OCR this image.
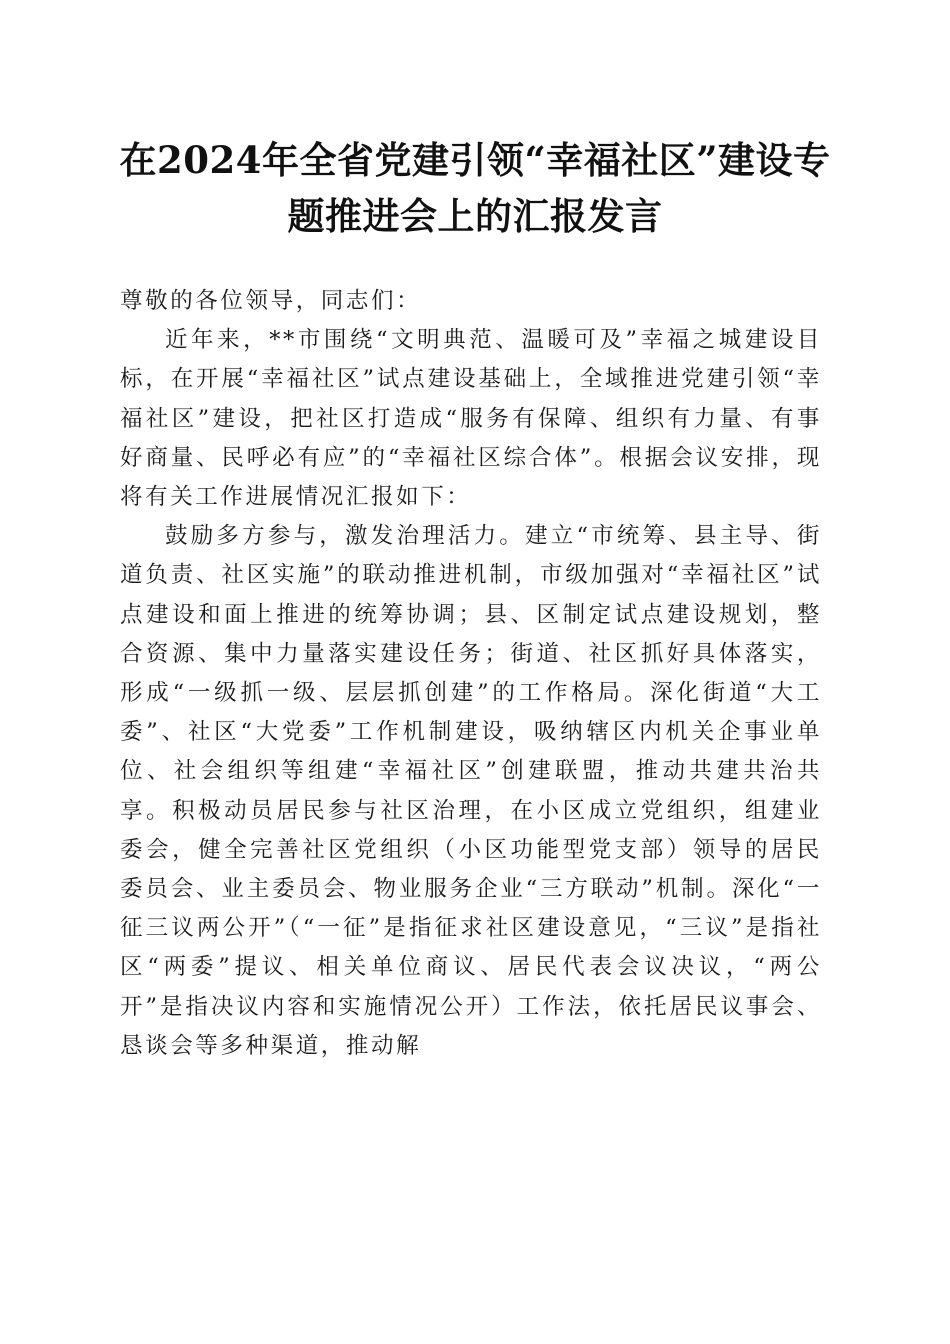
在2024年全省党建引领“幸福社区”建设专题推进会上的汇报发言

尊敬的各位领导，同志们：

近年来，**市围绕“文明典范、温暖可及”幸福之城建设目标，在开展“幸福社区”试点建设基础上，全域推进党建引领“幸福社区”建设，把社区打造成“服务有保障、组织有力量、有事好商量、民呼必有应”的“幸福社区综合体”。根据会议安排，现将有关工作进展情况汇报如下：

鼓励多方参与，激发治理活力。建立“市统筹、县主导、街道负责、社区实施”的联动推进机制，市级加强对“幸福社区”试点建设和面上推进的统筹协调；县、区制定试点建设规划，整合资源、集中力量落实建设任务；街道、社区抓好具体落实，形成“一级抓一级、层层抓创建”的工作格局。深化街道“大工委”、社区“大党委”工作机制建设，吸纳辖区内机关企事业单位、社会组织等组建“幸福社区”创建联盟，推动共建共治共享。积极动员居民参与社区治理，在小区成立党组织，组建业委会，健全完善社区党组织（小区功能型党支部）领导的居民委员会、业主委员会、物业服务企业“三方联动”机制。深化“一征三议两公开”（“一征”是指征求社区建设意见，“三议”是指社区“两委”提议、相关单位商议、居民代表会议决议，“两公开”是指决议内容和实施情况公开）工作法，依托居民议事会、恳谈会等多种渠道，推动解
